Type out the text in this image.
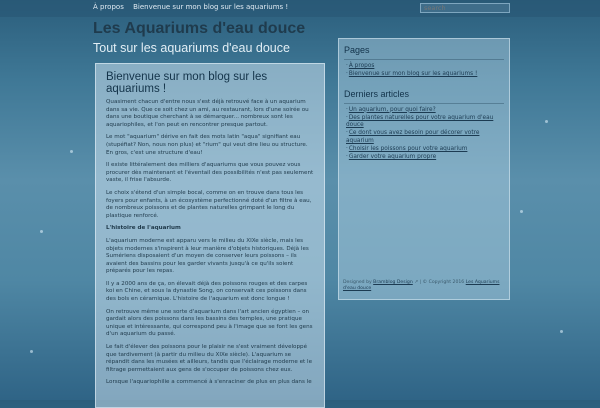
À propos Bienvenue sur mon blog sur les aquariums !
search
Les Aquariums d'eau douce
Tout sur les aquariums d'eau douce
Bienvenue sur mon blog sur les aquariums !

Quasiment chacun d'entre nous s'est déjà retrouvé face à un aquarium dans sa vie. Que ce soit chez un ami, au restaurant, lors d'une soirée ou dans une boutique cherchant à se démarquer... nombreux sont les aquariophiles, et l'on peut en rencontrer presque partout.

Le mot "aquarium" dérive en fait des mots latin "aqua" signifiant eau (stupéfiat? Non, nous non plus) et "rium" qui veut dire lieu ou structure. En gros, c'est une structure d'eau!

Il existe littéralement des milliers d'aquariums que vous pouvez vous procurer dès maintenant et l'éventail des possibilités n'est pas seulement vaste, il frise l'absurde.

Le choix s'étend d'un simple bocal, comme on en trouve dans tous les foyers pour enfants, à un écosystème perfectionné doté d'un filtre à eau, de nombreux poissons et de plantes naturelles grimpant le long du plastique renforcé.

L'histoire de l'aquarium

L'aquarium moderne est apparu vers le milieu du XIXe siècle, mais les objets modernes s'inspirent à leur manière d'objets historiques. Déjà les Sumériens disposaient d'un moyen de conserver leurs poissons – ils avaient des bassins pour les garder vivants jusqu'à ce qu'ils soient préparés pour les repas.

Il y a 2000 ans de ça, on élevait déjà des poissons rouges et des carpes koi en Chine, et sous la dynastie Song, on conservait ces poissons dans des bols en céramique. L'histoire de l'aquarium est donc longue !

On retrouve même une sorte d'aquarium dans l'art ancien égyptien – on gardait alors des poissons dans les bassins des temples, une pratique unique et intéressante, qui correspond peu à l'image que se font les gens d'un aquarium du passé.

Le fait d'élever des poissons pour le plaisir ne s'est vraiment développé que tardivement (à partir du milieu du XIXe siècle). L'aquarium se répandit dans les musées et ailleurs, tandis que l'éclairage moderne et le filtrage permettaient aux gens de s'occuper de poissons chez eux.

Lorsque l'aquariophilie a commencé à s'enraciner de plus en plus dans le

Pages
·À propos
·Bienvenue sur mon blog sur les aquariums !
Derniers articles
·Un aquarium, pour quoi faire?
·Des plantes naturelles pour votre aquarium d'eau douce
·Ce dont vous avez besoin pour décorer votre aquarium
·Choisir les poissons pour votre aquarium
·Garder votre aquarium propre
Designed by Bramblog Design ↗ | © Copyright 2016 Les Aquariums d'eau douce
